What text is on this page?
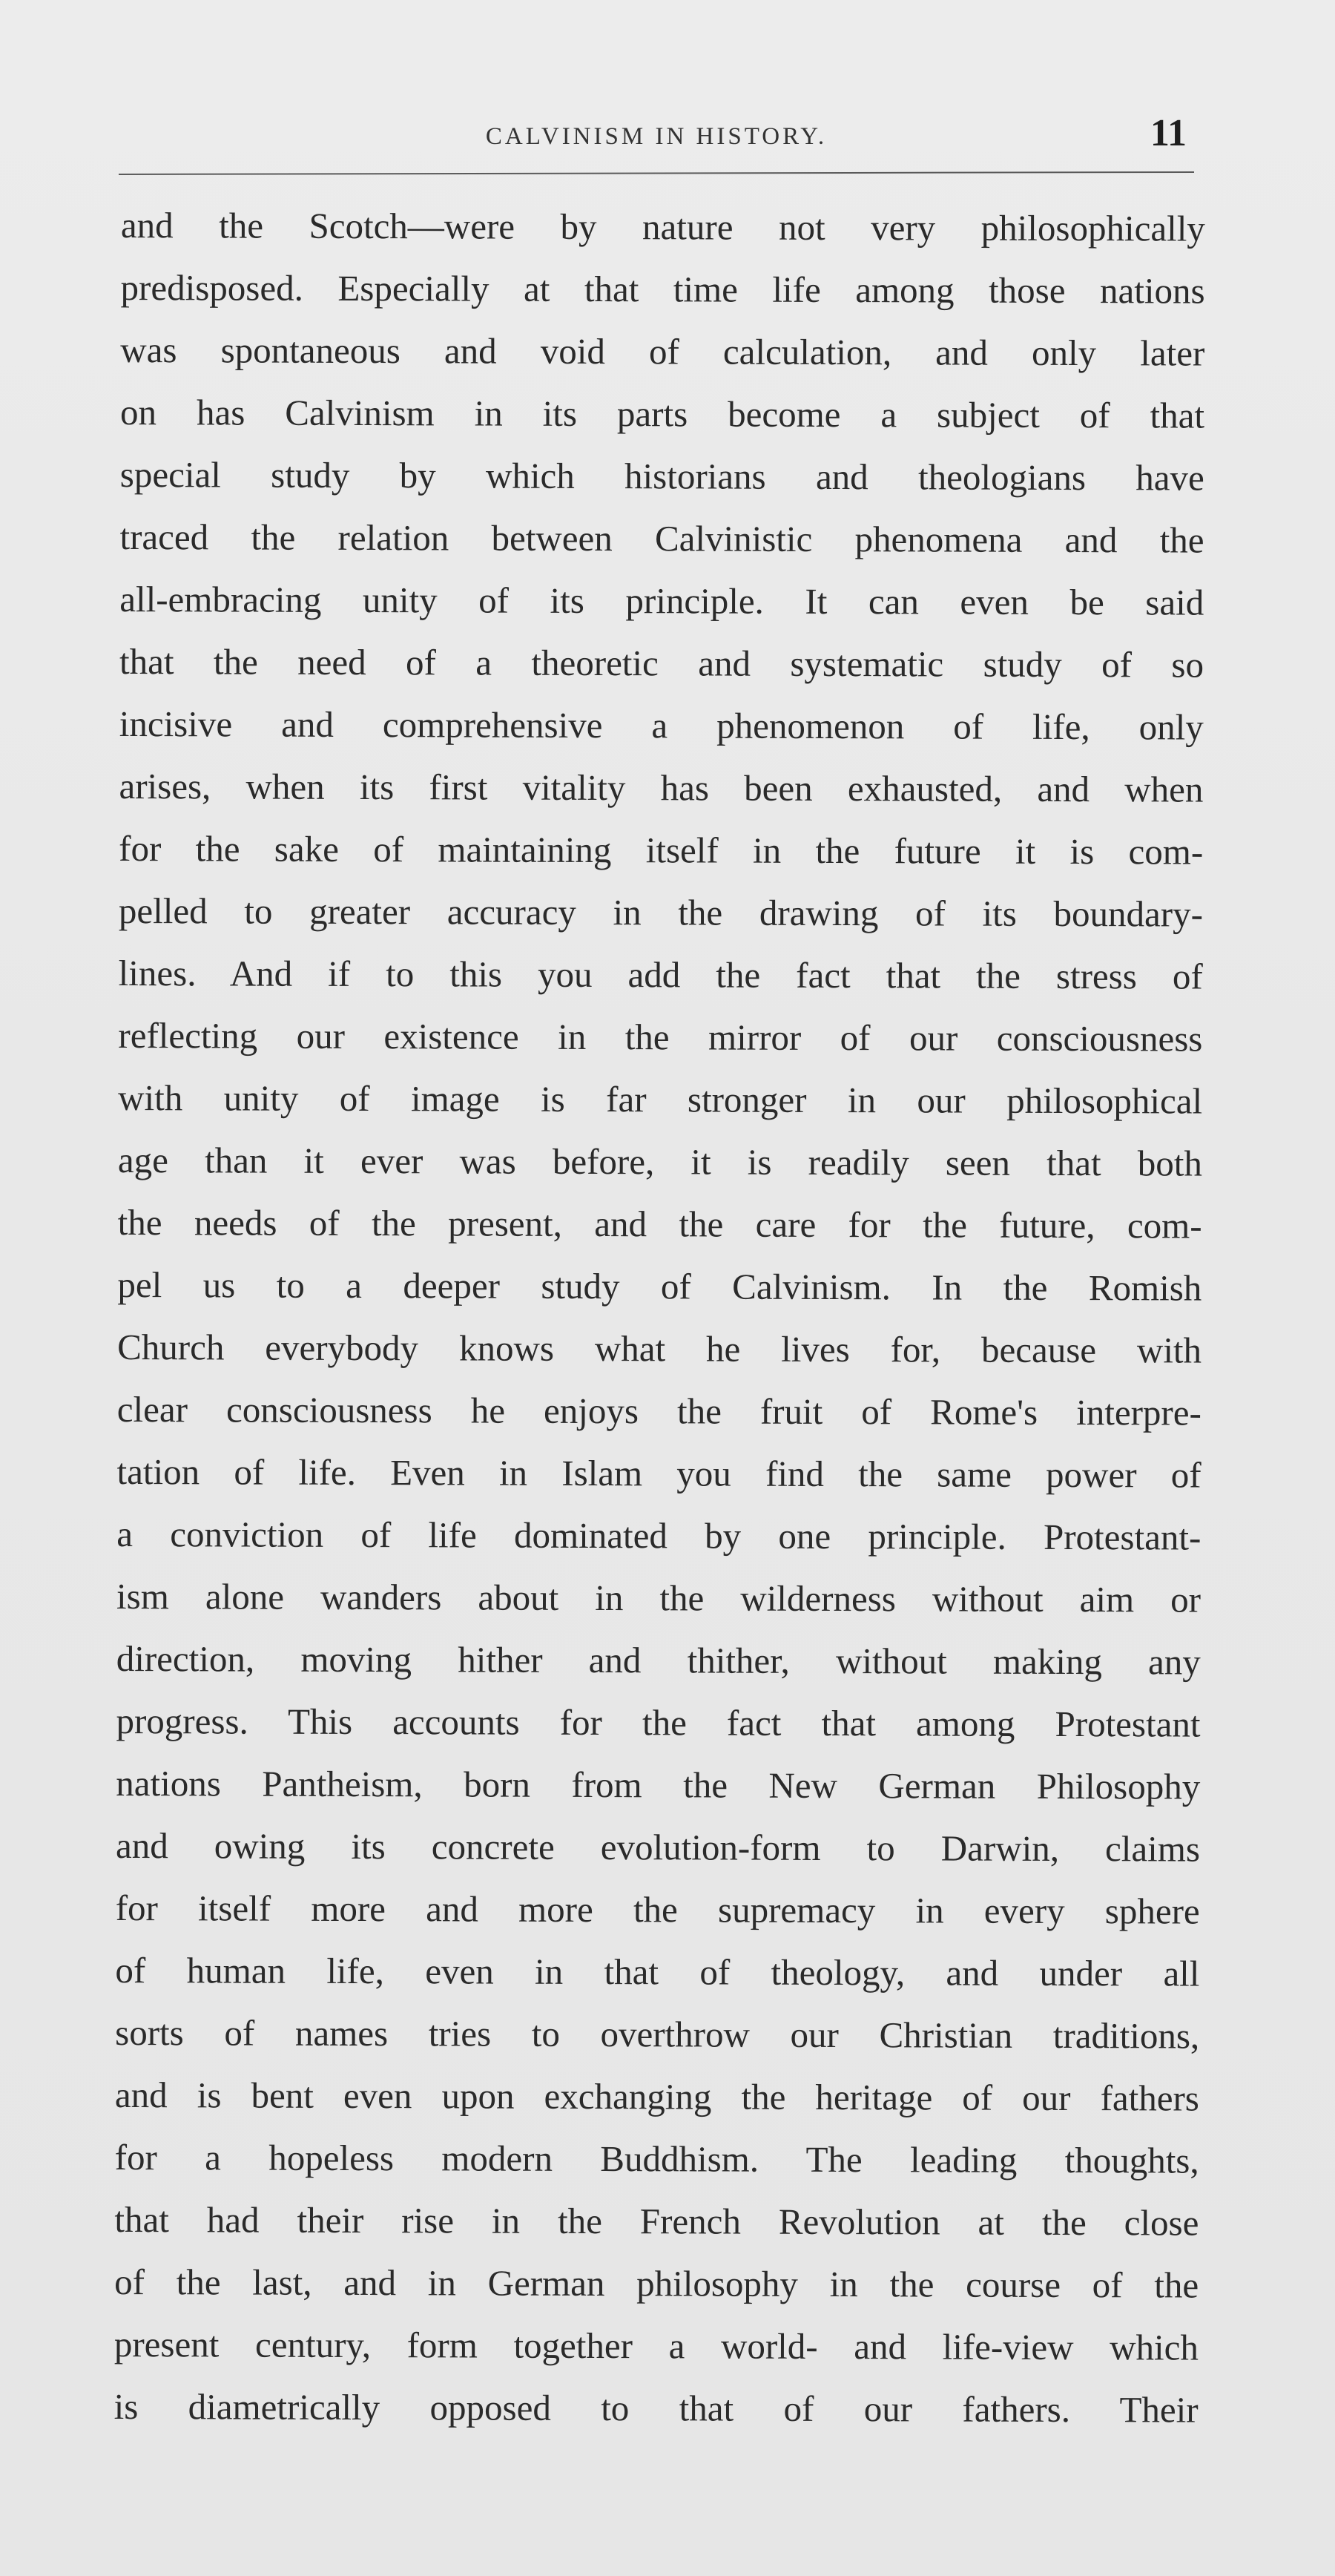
CALVINISM IN HISTORY.	11
and the Scotch—were by nature not very philosophically
predisposed. Especially at that time life among those nations
was spontaneous and void of calculation, and only later
on has Calvinism in its parts become a subject of that
special study by which historians and theologians have
traced the relation between Calvinistic phenomena and the
all-embracing unity of its principle. It can even be said
that the need of a theoretic and systematic study of so
incisive and comprehensive a phenomenon of life, only
arises, when its first vitality has been exhausted, and when
for the sake of maintaining itself in the future it is com-
pelled to greater accuracy in the drawing of its boundary-
lines. And if to this you add the fact that the stress of
reflecting our existence in the mirror of our consciousness
with unity of image is far stronger in our philosophical
age than it ever was before, it is readily seen that both
the needs of the present, and the care for the future, com-
pel us to a deeper study of Calvinism. In the Romish
Church everybody knows what he lives for, because with
clear consciousness he enjoys the fruit of Rome's interpre-
tation of life. Even in Islam you find the same power of
a conviction of life dominated by one principle. Protestant-
ism alone wanders about in the wilderness without aim or
direction, moving hither and thither, without making any
progress. This accounts for the fact that among Protestant
nations Pantheism, born from the New German Philosophy
and owing its concrete evolution-form to Darwin, claims
for itself more and more the supremacy in every sphere
of human life, even in that of theology, and under all
sorts of names tries to overthrow our Christian traditions,
and is bent even upon exchanging the heritage of our fathers
for a hopeless modern Buddhism. The leading thoughts,
that had their rise in the French Revolution at the close
of the last, and in German philosophy in the course of the
present century, form together a world- and life-view which
is diametrically opposed to that of our fathers. Their
